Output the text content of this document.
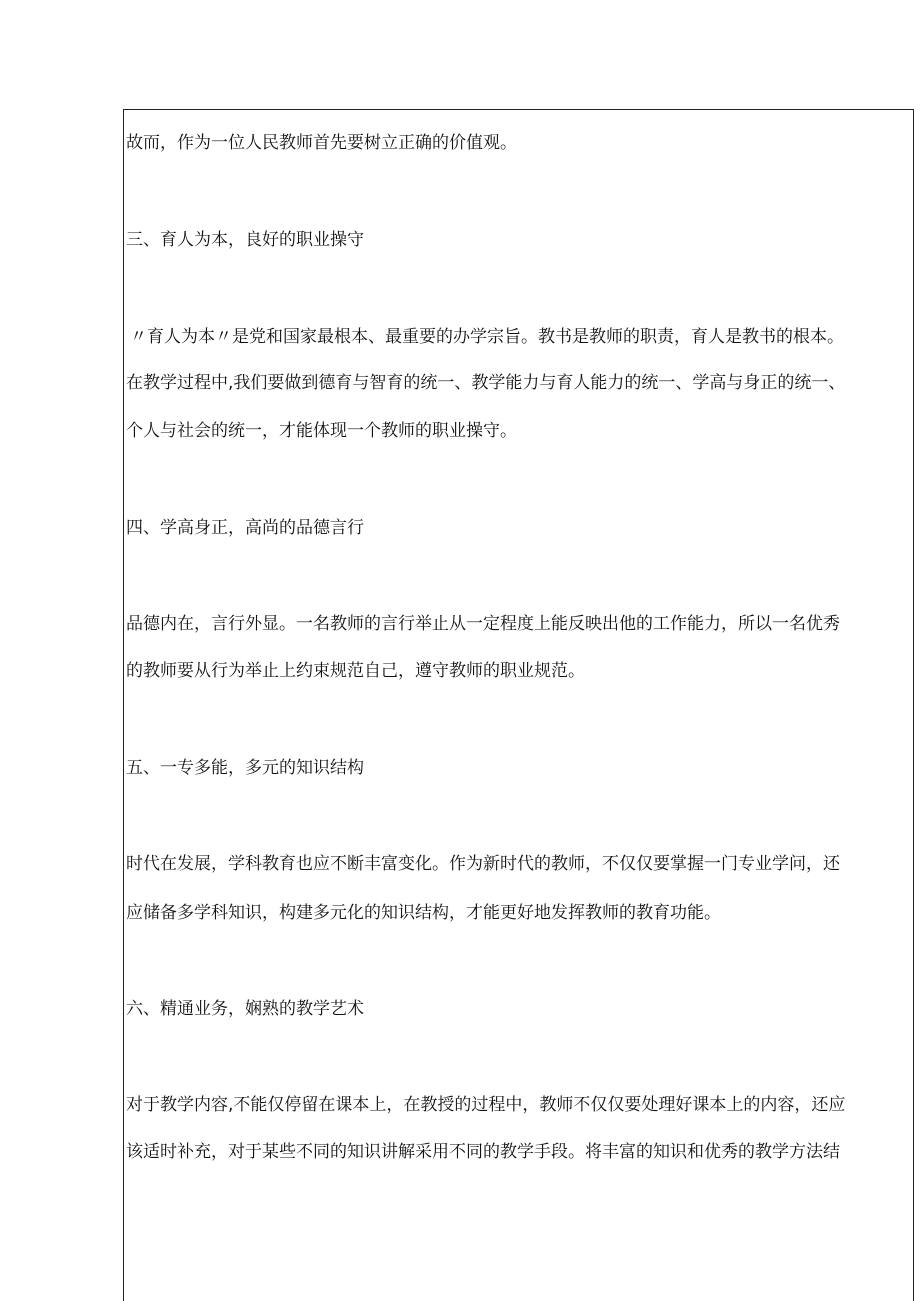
故而，作为一位人民教师首先要树立正确的价值观。
三、育人为本，良好的职业操守
〃育人为本〃是党和国家最根本、最重要的办学宗旨。教书是教师的职责，育人是教书的根本。
在教学过程中,我们要做到德育与智育的统一、教学能力与育人能力的统一、学高与身正的统一、
个人与社会的统一，才能体现一个教师的职业操守。
四、学高身正，高尚的品德言行
品德内在，言行外显。一名教师的言行举止从一定程度上能反映出他的工作能力，所以一名优秀
的教师要从行为举止上约束规范自己，遵守教师的职业规范。
五、一专多能，多元的知识结构
时代在发展，学科教育也应不断丰富变化。作为新时代的教师，不仅仅要掌握一门专业学问，还
应储备多学科知识，构建多元化的知识结构，才能更好地发挥教师的教育功能。
六、精通业务，娴熟的教学艺术
对于教学内容,不能仅停留在课本上，在教授的过程中，教师不仅仅要处理好课本上的内容，还应
该适时补充，对于某些不同的知识讲解采用不同的教学手段。将丰富的知识和优秀的教学方法结
